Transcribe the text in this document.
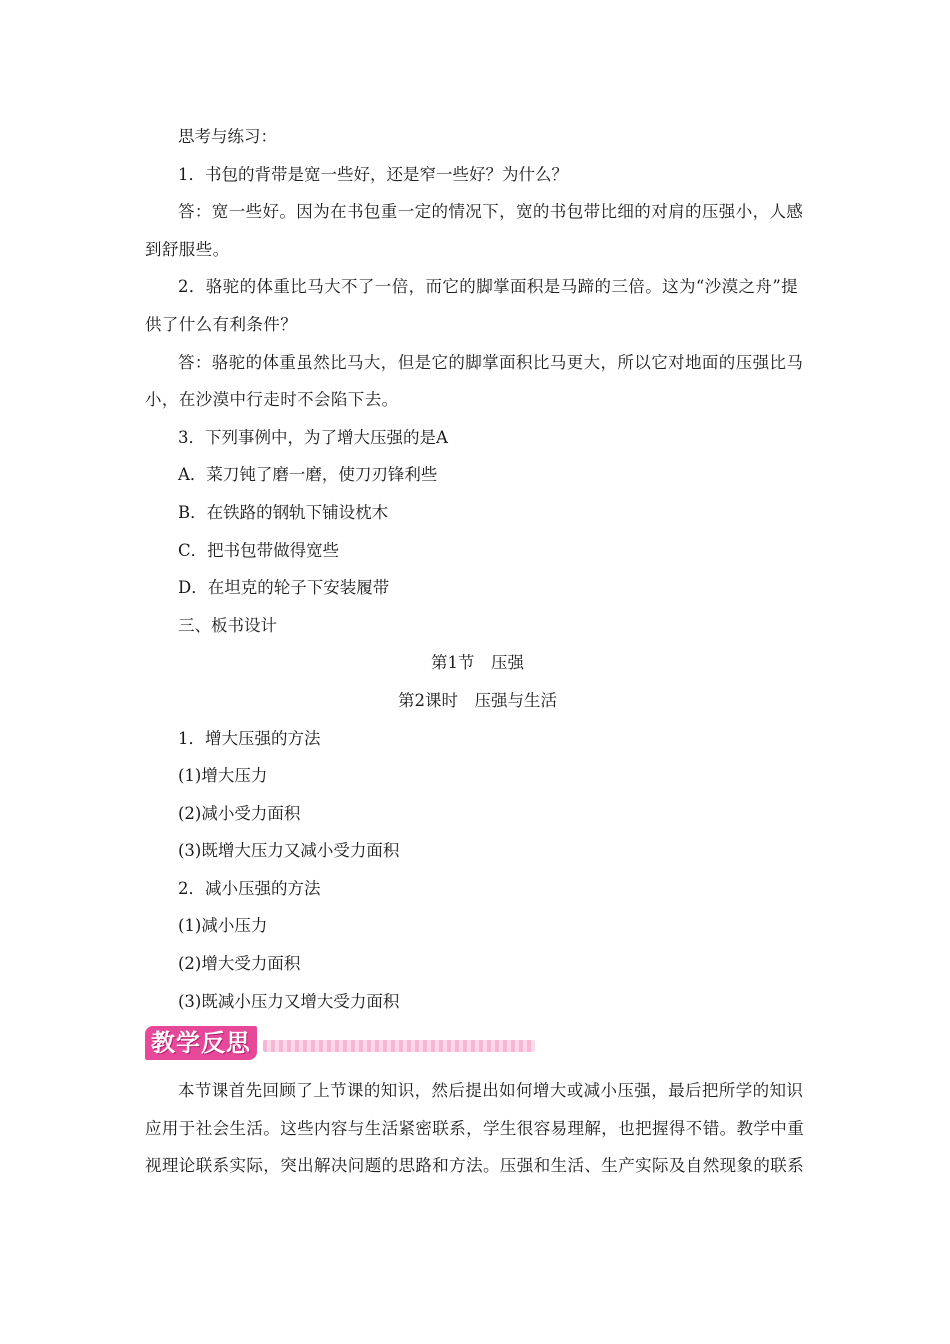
思考与练习：

1．书包的背带是宽一些好，还是窄一些好？为什么？

答：宽一些好。因为在书包重一定的情况下，宽的书包带比细的对肩的压强小，人感到舒服些。

2．骆驼的体重比马大不了一倍，而它的脚掌面积是马蹄的三倍。这为“沙漠之舟”提供了什么有利条件？

答：骆驼的体重虽然比马大，但是它的脚掌面积比马更大，所以它对地面的压强比马小，在沙漠中行走时不会陷下去。

3．下列事例中，为了增大压强的是A

A．菜刀钝了磨一磨，使刀刃锋利些

B．在铁路的钢轨下铺设枕木

C．把书包带做得宽些

D．在坦克的轮子下安装履带

三、板书设计

第1节　压强

第2课时　压强与生活

1．增大压强的方法

(1)增大压力

(2)减小受力面积

(3)既增大压力又减小受力面积

2．减小压强的方法

(1)减小压力

(2)增大受力面积

(3)既减小压力又增大受力面积

教学反思

本节课首先回顾了上节课的知识，然后提出如何增大或减小压强，最后把所学的知识应用于社会生活。这些内容与生活紧密联系，学生很容易理解，也把握得不错。教学中重视理论联系实际，突出解决问题的思路和方法。压强和生活、生产实际及自然现象的联系
